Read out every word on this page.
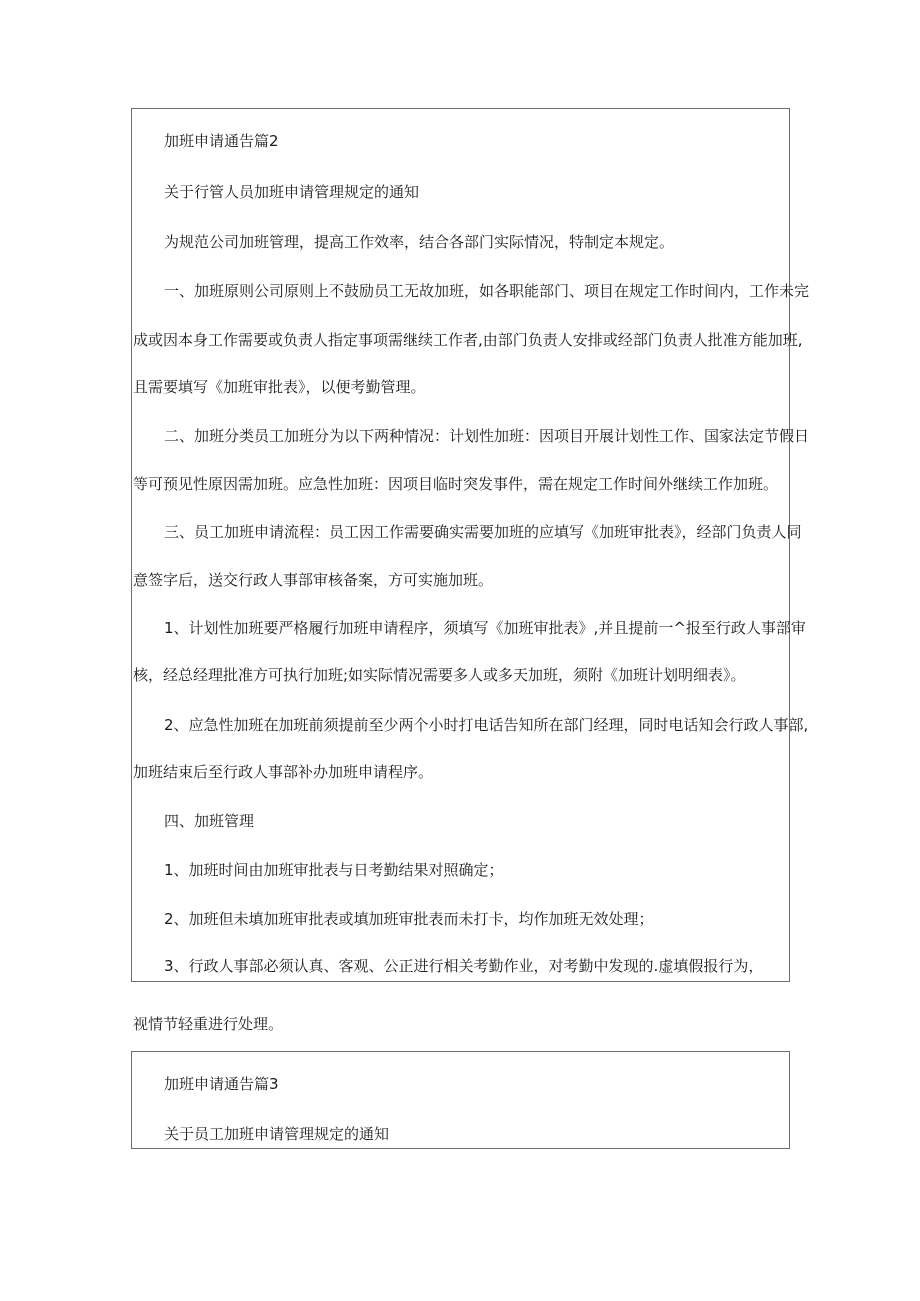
加班申请通告篇2
关于行管人员加班申请管理规定的通知
为规范公司加班管理，提高工作效率，结合各部门实际情况，特制定本规定。
一、加班原则公司原则上不鼓励员工无故加班，如各职能部门、项目在规定工作时间内，工作未完
成或因本身工作需要或负责人指定事项需继续工作者,由部门负责人安排或经部门负责人批准方能加班,
且需要填写《加班审批表》，以便考勤管理。
二、加班分类员工加班分为以下两种情况：计划性加班：因项目开展计划性工作、国家法定节假日
等可预见性原因需加班。应急性加班：因项目临时突发事件，需在规定工作时间外继续工作加班。
三、员工加班申请流程：员工因工作需要确实需要加班的应填写《加班审批表》，经部门负责人同
意签字后，送交行政人事部审核备案，方可实施加班。
1、计划性加班要严格履行加班申请程序，须填写《加班审批表》,并且提前一^报至行政人事部审
核，经总经理批准方可执行加班;如实际情况需要多人或多天加班，须附《加班计划明细表》。
2、应急性加班在加班前须提前至少两个小时打电话告知所在部门经理，同时电话知会行政人事部,
加班结束后至行政人事部补办加班申请程序。
四、加班管理
1、加班时间由加班审批表与日考勤结果对照确定；
2、加班但未填加班审批表或填加班审批表而未打卡，均作加班无效处理；
3、行政人事部必须认真、客观、公正进行相关考勤作业，对考勤中发现的.虚填假报行为，
视情节轻重进行处理。
加班申请通告篇3
关于员工加班申请管理规定的通知
